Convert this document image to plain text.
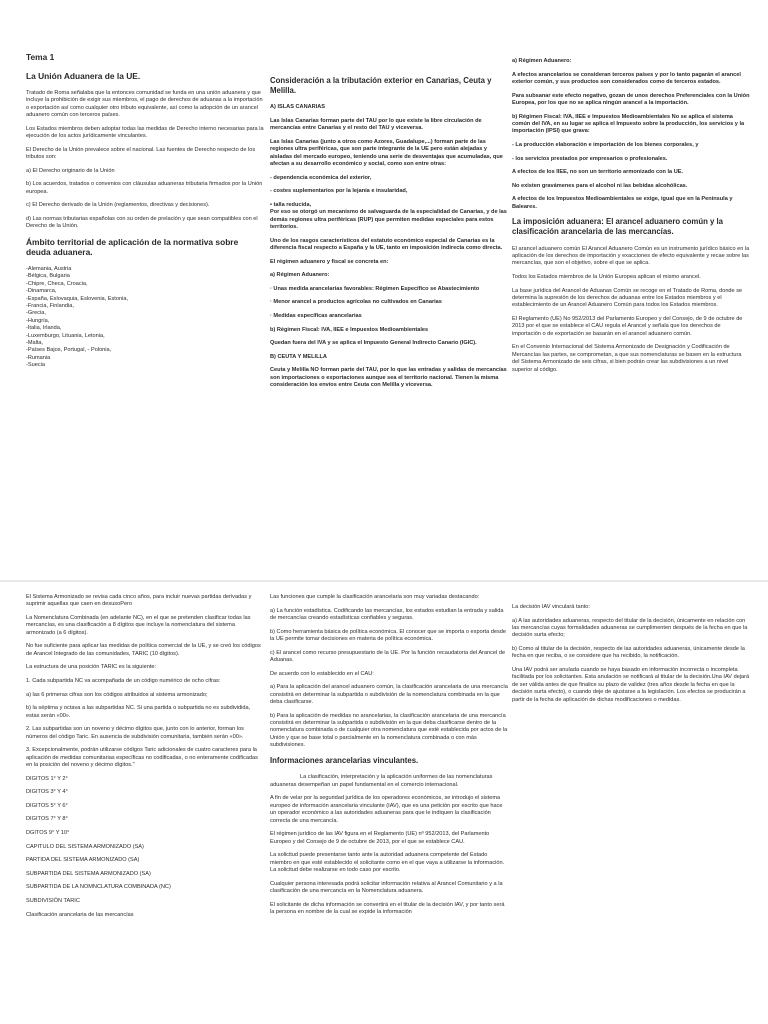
Tema 1
La Unión Aduanera de la UE.

Tratado de Roma señalaba que la entonces comunidad se funda en una unión aduanera y que incluye la prohibición de exigir sus miembros, el pago de derechos de aduanas a la importación o exportación así como cualquier otro tributo equivalente, así como la adopción de un arancel aduanero común con terceros países.

Los Estados miembros deben adoptar todas las medidas de Derecho interno necesarias para la ejecución de los actos jurídicamente vinculantes.

El Derecho de la Unión prevalece sobre el nacional. Las fuentes de Derecho respecto de los tributos son:

a) El Derecho originario de la Unión

b) Los acuerdos, tratados o convenios con cláusulas aduaneras tributaria firmados por la Unión europea.

c) El Derecho derivado de la Unión (reglamentos, directivas y decisiones).

d) Las normas tributarias españolas con su orden de prelación y que sean compatibles con el Derecho de la Unión.

Ámbito territorial de aplicación de la normativa sobre deuda aduanera.

-Alemania, Austria
-Bélgica, Bulgaria
-Chipre, Checa, Croacia,
-Dinamarca,
-España, Eslovaquia, Eslovenia, Estonia,
-Francia, Finlandia,
-Grecia,
-Hungría,
-Italia, Irlanda,
-Luxemburgo, Lituania, Letonia,
-Malta,
-Países Bajos, Portugal, - Polonia,
-Rumania
-Suecia

Consideración a la tributación exterior en Canarias, Ceuta y Melilla.

A) ISLAS CANARIAS

Las Islas Canarias forman parte del TAU por lo que existe la libre circulación de mercancías entre Canarias y el resto del TAU y viceversa.

Las Islas Canarias (junto a otros como Azores, Guadalupe,...) forman parte de las regiones ultra periféricas, que son parte integrante de la UE pero están alejadas y aisladas del mercado europeo, teniendo una serie de desventajas que acumuladas, que afectan a su desarrollo económico y social, como son entre otras:

- dependencia económica del exterior,

- costes suplementarios por la lejanía e insularidad,

• talla reducida,
Por eso se otorgó un mecanismo de salvaguarda de la especialidad de Canarias, y de las demás regiones ultra periféricas (RUP) que permiten medidas especiales para estos territorios.

Uno de los rasgos característicos del estatuto económico especial de Canarias es la diferencia fiscal respecto a España y la UE, tanto en imposición indirecta como directa.

El régimen aduanero y fiscal se concreta en:

a) Régimen Aduanero:

· Unas medida arancelarias favorables: Régimen Específico se Abastecimiento

· Menor arancel a productos agrícolas no cultivados en Canarias

· Medidas específicas arancelarias

b) Régimen Fiscal: IVA, IIEE e Impuestos Medioambientales

Quedan fuera del IVA y se aplica el Impuesto General Indirecto Canario (IGIC).

B) CEUTA Y MELILLA

Ceuta y Melilla NO forman parte del TAU, por lo que las entradas y salidas de mercancías son importaciones o exportaciones aunque sea el territorio nacional. Tienen la misma consideración los envíos entre Ceuta con Melilla y viceversa.

a) Régimen Aduanero:

A efectos arancelarios se consideran terceros países y por lo tanto pagarán el arancel exterior común, y sus productos son considerados como de terceros estados.

Para subsanar este efecto negativo, gozan de unos derechos Preferenciales con la Unión Europea, por los que no se aplica ningún arancel a la importación.

b) Régimen Fiscal: IVA, IIEE e Impuestos Medioambientales No se aplica el sistema común del IVA, en su lugar se aplica el Impuesto sobre la producción, los servicios y la importación (IPSI) que grava:

- La producción elaboración e importación de los bienes corporales, y

- los servicios prestados por empresarios o profesionales.

A efectos de los IIEE, no son un territorio armonizado con la UE.

No existen gravámenes para el alcohol ni las bebidas alcohólicas.

A efectos de los Impuestos Medioambientales se exige, igual que en la Península y Baleares.

La imposición aduanera: El arancel aduanero común y la clasificación arancelaria de las mercancías.

El arancel aduanero común El Arancel Aduanero Común es un instrumento jurídico básico en la aplicación de los derechos de importación y exacciones de efecto equivalente y recae sobre las mercancías, que son el objetivo, sobre el que se aplica.

Todos los Estados miembros de la Unión Europea aplican el mismo arancel.

La base jurídica del Arancel de Aduanas Común se recoge en el Tratado de Roma, donde se determina la supresión de los derechos de aduanas entre los Estados miembros y el establecimiento de un Arancel Aduanero Común para todos los Estados miembros.

El Reglamento (UE) No 952/2013 del Parlamento Europeo y del Consejo, de 9 de octubre de 2013 por el que se establece el CAU regula el Arancel y señala que los derechos de importación o de exportación se basarán en el arancel aduanero común.

En el Convenio Internacional del Sistema Armonizado de Designación y Codificación de Mercancías las partes, se comprometan, a que sus nomenclaturas se basen en la estructura del Sistema Armonizado de seis cifras, si bien podrán crear las subdivisiones a un nivel superior al código.

El Sistema Armonizado se revisa cada cinco años, para incluir nuevas partidas derivadas y suprimir aquellas que caen en desusoPero

La Nomenclatura Combinada (en adelante NC), en el que se pretenden clasificar todas las mercancías, es una clasificación a 8 dígitos que incluye la nomenclatura del sistema armonizado (a 6 dígitos).

No fue suficiente para aplicar las medidas de política comercial de la UE, y se creó los códigos de Arancel Integrado de las comunidades, TARIC (10 dígitos).

La estructura de una posición TARIC es la siguiente:

1. Cada subpartida NC va acompañada de un código numérico de ocho cifras:

a) las 6 primeras cifras son los códigos atribuidos al sistema armonizado;

b) la séptima y octava a las subpartidas NC. Si una partida o subpartida no es subdividida, estas serán «00».

2. Las subpartidas son un noveno y décimo dígitos que, junto con lo anterior, forman los números del código Taric. En ausencia de subdivisión comunitaria, también serán «00».

3. Excepcionalmente, podrán utilizarse códigos Taric adicionales de cuatro caracteres para la aplicación de medidas comunitarias específicas no codificadas, o no enteramente codificadas en la posición del noveno y décimo dígitos."

DIGITOS 1° Y 2°

DIGITOS 3° Y 4°

DIGITOS 5° Y 6°

DIGITOS 7° Y 8°

DGITOS 9° Y 10°

CAPITULO DEL SISTEMA ARMONIZADO (SA)

PARTIDA DEL SISTEMA ARMONIZADO (SA)

SUBPARTIDA DEL SISTEMA ARMONIZADO (SA)

SUBPARTIDA DE LA NOMNCLATURA COMBINADA (NC)

SUBDIVISIÓN TARIC

Clasificación arancelaria de las mercancías

Las funciones que cumple la clasificación arancelaria son muy variadas destacando:

a) La función estadística. Codificando las mercancías, los estados estudian la entrada y salida de mercancías creando estadísticas confiables y seguras.

b) Como herramienta básica de política económica. El conocer que se importa o exporta desde la UE permite tomar decisiones en materia de política económica.

c) El arancel como recurso presupuestario de la UE. Por la función recaudatoria del Arancel de Aduanas.

De acuerdo con lo establecido en el CAU:

a) Para la aplicación del arancel aduanero común, la clasificación arancelaria de una mercancía consistirá en determinar la subpartida o subdivisión de la nomenclatura combinada en la que deba clasificarse.

b) Para la aplicación de medidas no arancelarias, la clasificación arancelaria de una mercancía consistirá en determinar la subpartida o subdivisión en la que deba clasificarse dentro de la nomenclatura combinada o de cualquier otra nomenclatura que esté establecida por actos de la Unión y que se base total o parcialmente en la nomenclatura combinada o con más subdivisiones.

Informaciones arancelarias vinculantes.

La clasificación, interpretación y la aplicación uniformes de las nomenclaturas aduaneras desempeñan un papel fundamental en el comercio internacional.

A fin de velar por la seguridad jurídica de los operadores económicos, se introdujo el sistema europeo de información arancelaria vinculante (IAV), que es una petición por escrito que hace un operador económico a las autoridades aduaneras para que le indiquen la clasificación correcta de una mercancía.

El régimen jurídico de las IAV figura en el Reglamento (UE) nº 952/2013, del Parlamento Europeo y del Consejo de 9 de octubre de 2013, por el que se establece CAU.

La solicitud puede presentarse tanto ante la autoridad aduanera competente del Estado miembro en que esté establecido el solicitante como en el que vaya a utilizarse la información. La solicitud debe realizarse en todo caso por escrito.

Cualquier persona interesada podrá solicitar información relativa al Arancel Comunitario y a la clasificación de una mercancía en la Nomenclatura aduanera.

El solicitante de dicha información se convertirá en el titular de la decisión IAV, y por tanto será la persona en nombre de la cual se expide la información

La decisión IAV vinculará tanto:

a) A las autoridades aduaneras, respecto del titular de la decisión, únicamente en relación con las mercancías cuyas formalidades aduaneras se cumplimenten después de la fecha en que la decisión surta efecto;

b) Como al titular de la decisión, respecto de las autoridades aduaneras, únicamente desde la fecha en que reciba, o se considere que ha recibido, la notificación.

Una IAV podrá ser anulada cuando se haya basado en información incorrecta o incompleta facilitada por los solicitantes. Esta anulación se notificará al titular de la decisión.Una IAV dejará de ser válida antes de que finalice su plazo de validez (tres años desde la fecha en que la decisión surta efecto), o cuando deje de ajustarse a la legislación. Los efectos se producirán a partir de la fecha de aplicación de dichas modificaciones o medidas.
